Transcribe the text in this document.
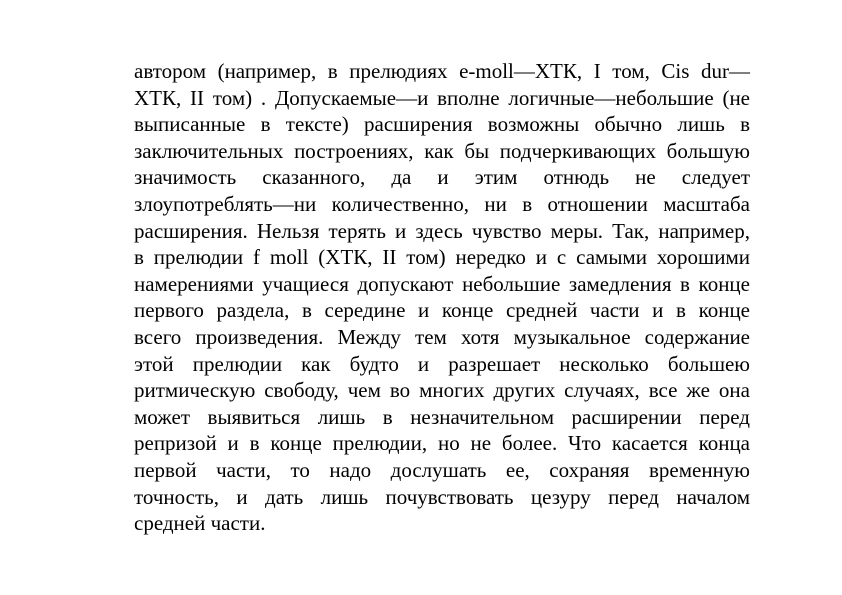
автором (например, в прелюдиях e-moll—ХТК, I том, Cis dur—
ХТК, II том) . Допускаемые—и вполне логичные—небольшие (не
выписанные в тексте) расширения возможны обычно лишь в
заключительных построениях, как бы подчеркивающих большую
значимость сказанного, да и этим отнюдь не следует
злоупотреблять—ни количественно, ни в отношении масштаба
расширения. Нельзя терять и здесь чувство меры. Так, например,
в прелюдии f moll (ХТК, II том) нередко и с самыми хорошими
намерениями учащиеся допускают небольшие замедления в конце
первого раздела, в середине и конце средней части и в конце
всего произведения. Между тем хотя музыкальное содержание
этой прелюдии как будто и разрешает несколько большею
ритмическую свободу, чем во многих других случаях, все же она
может выявиться лишь в незначительном расширении перед
репризой и в конце прелюдии, но не более. Что касается конца
первой части, то надо дослушать ее, сохраняя временную
точность, и дать лишь почувствовать цезуру перед началом
средней части.
